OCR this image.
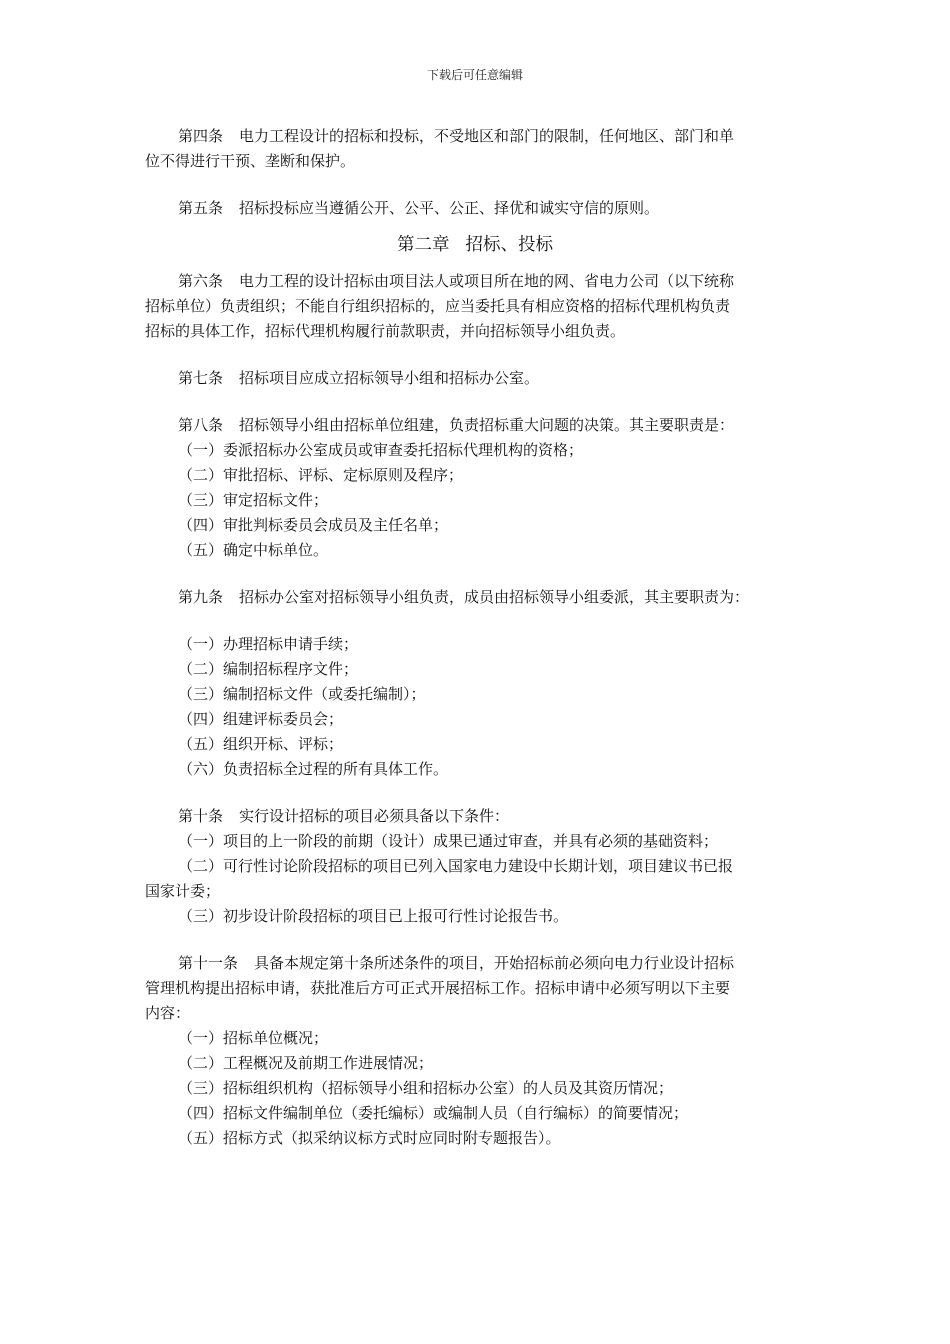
下载后可任意编辑

第四条 电力工程设计的招标和投标，不受地区和部门的限制，任何地区、部门和单

位不得进行干预、垄断和保护。

第五条 招标投标应当遵循公开、公平、公正、择优和诚实守信的原则。

第二章 招标、投标

第六条 电力工程的设计招标由项目法人或项目所在地的网、省电力公司（以下统称

招标单位）负责组织；不能自行组织招标的，应当委托具有相应资格的招标代理机构负责

招标的具体工作，招标代理机构履行前款职责，并向招标领导小组负责。

第七条 招标项目应成立招标领导小组和招标办公室。

第八条 招标领导小组由招标单位组建，负责招标重大问题的决策。其主要职责是：

（一）委派招标办公室成员或审查委托招标代理机构的资格；

（二）审批招标、评标、定标原则及程序；

（三）审定招标文件；

（四）审批判标委员会成员及主任名单；

（五）确定中标单位。

第九条 招标办公室对招标领导小组负责，成员由招标领导小组委派，其主要职责为：

（一）办理招标申请手续；

（二）编制招标程序文件；

（三）编制招标文件（或委托编制）；

（四）组建评标委员会；

（五）组织开标、评标；

（六）负责招标全过程的所有具体工作。

第十条 实行设计招标的项目必须具备以下条件：

（一）项目的上一阶段的前期（设计）成果已通过审查，并具有必须的基础资料；

（二）可行性讨论阶段招标的项目已列入国家电力建设中长期计划，项目建议书已报

国家计委；

（三）初步设计阶段招标的项目已上报可行性讨论报告书。

第十一条 具备本规定第十条所述条件的项目，开始招标前必须向电力行业设计招标

管理机构提出招标申请，获批准后方可正式开展招标工作。招标申请中必须写明以下主要

内容：

（一）招标单位概况；

（二）工程概况及前期工作进展情况；

（三）招标组织机构（招标领导小组和招标办公室）的人员及其资历情况；

（四）招标文件编制单位（委托编标）或编制人员（自行编标）的简要情况；

（五）招标方式（拟采纳议标方式时应同时附专题报告）。
